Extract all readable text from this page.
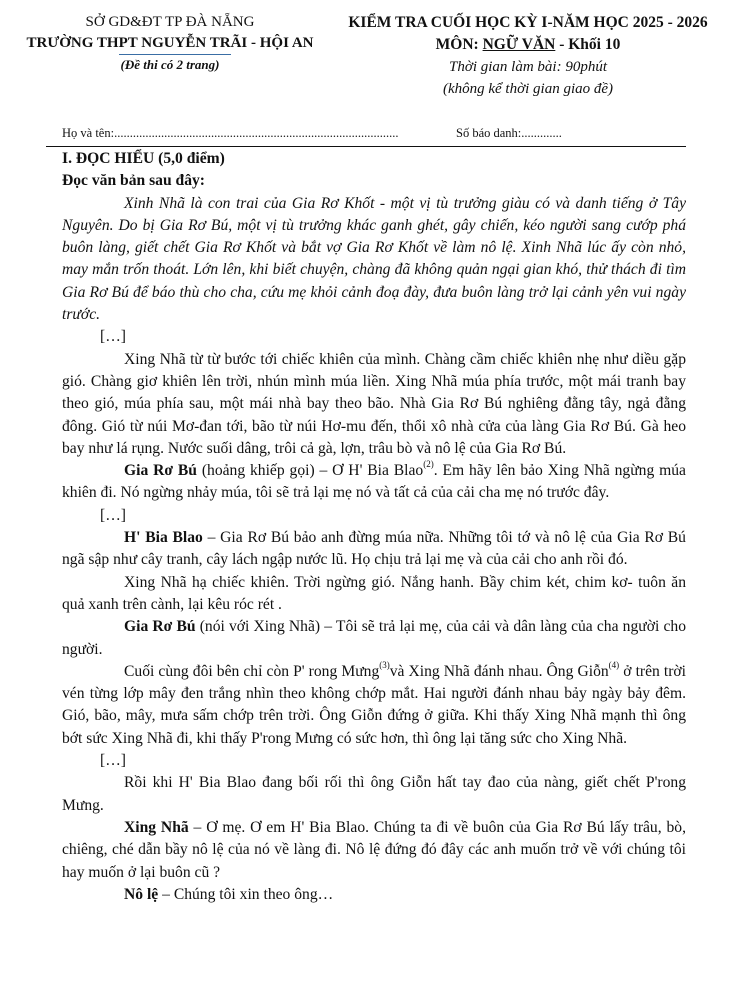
SỞ GD&ĐT TP ĐÀ NẴNG
TRƯỜNG THPT NGUYỄN TRÃI - HỘI AN
(Đề thi có 2 trang)
KIỂM TRA CUỐI HỌC KỲ I-NĂM HỌC 2025 - 2026
MÔN: NGỮ VĂN - Khối 10
Thời gian làm bài: 90phút
(không kể thời gian giao đề)
Họ và tên:...........................................................................................	Số báo danh:.............

I. ĐỌC HIỂU (5,0 điểm)

Đọc văn bản sau đây:

Xinh Nhã là con trai của Gia Rơ Khốt - một vị tù trưởng giàu có và danh tiếng ở Tây Nguyên. Do bị Gia Rơ Bú, một vị tù trưởng khác ganh ghét, gây chiến, kéo người sang cướp phá buôn làng, giết chết Gia Rơ Khốt và bắt vợ Gia Rơ Khốt về làm nô lệ. Xinh Nhã lúc ấy còn nhỏ, may mắn trốn thoát. Lớn lên, khi biết chuyện, chàng đã không quản ngại gian khó, thử thách đi tìm Gia Rơ Bú để báo thù cho cha, cứu mẹ khỏi cảnh đoạ đày, đưa buôn làng trở lại cảnh yên vui ngày trước.

[…]

Xing Nhã từ từ bước tới chiếc khiên của mình. Chàng cầm chiếc khiên nhẹ như diều gặp gió. Chàng giơ khiên lên trời, nhún mình múa liền. Xing Nhã múa phía trước, một mái tranh bay theo gió, múa phía sau, một mái nhà bay theo bão. Nhà Gia Rơ Bú nghiêng đằng tây, ngả đằng đông. Gió từ núi Mơ-đan tới, bão từ núi Hơ-mu đến, thổi xô nhà cửa của làng Gia Rơ Bú. Gà heo bay như lá rụng. Nước suối dâng, trôi cả gà, lợn, trâu bò và nô lệ của Gia Rơ Bú.

Gia Rơ Bú (hoảng khiếp gọi) – Ơ H' Bia Blao$^{(2)}$. Em hãy lên bảo Xing Nhã ngừng múa khiên đi. Nó ngừng nhảy múa, tôi sẽ trả lại mẹ nó và tất cả của cải cha mẹ nó trước đây.

[…]

H' Bia Blao – Gia Rơ Bú bảo anh đừng múa nữa. Những tôi tớ và nô lệ của Gia Rơ Bú ngã sập như cây tranh, cây lách ngập nước lũ. Họ chịu trả lại mẹ và của cải cho anh rồi đó.

Xing Nhã hạ chiếc khiên. Trời ngừng gió. Nắng hanh. Bầy chim két, chim kơ- tuôn ăn quả xanh trên cành, lại kêu róc rét .

Gia Rơ Bú (nói với Xing Nhã) – Tôi sẽ trả lại mẹ, của cải và dân làng của cha người cho người.

Cuối cùng đôi bên chỉ còn P' rong Mưng$^{(3)}$và Xing Nhã đánh nhau. Ông Giỗn$^{(4)}$ ở trên trời vén từng lớp mây đen trắng nhìn theo không chớp mắt. Hai người đánh nhau bảy ngày bảy đêm. Gió, bão, mây, mưa sấm chớp trên trời. Ông Giỗn đứng ở giữa. Khi thấy Xing Nhã mạnh thì ông bớt sức Xing Nhã đi, khi thấy P'rong Mưng có sức hơn, thì ông lại tăng sức cho Xing Nhã.

[…]

Rồi khi H' Bia Blao đang bối rối thì ông Giỗn hất tay đao của nàng, giết chết P'rong Mưng.

Xing Nhã – Ơ mẹ. Ơ em H' Bia Blao. Chúng ta đi về buôn của Gia Rơ Bú lấy trâu, bò, chiêng, ché dẫn bầy nô lệ của nó về làng đi. Nô lệ đứng đó đây các anh muốn trở về với chúng tôi hay muốn ở lại buôn cũ ?

Nô lệ – Chúng tôi xin theo ông…
